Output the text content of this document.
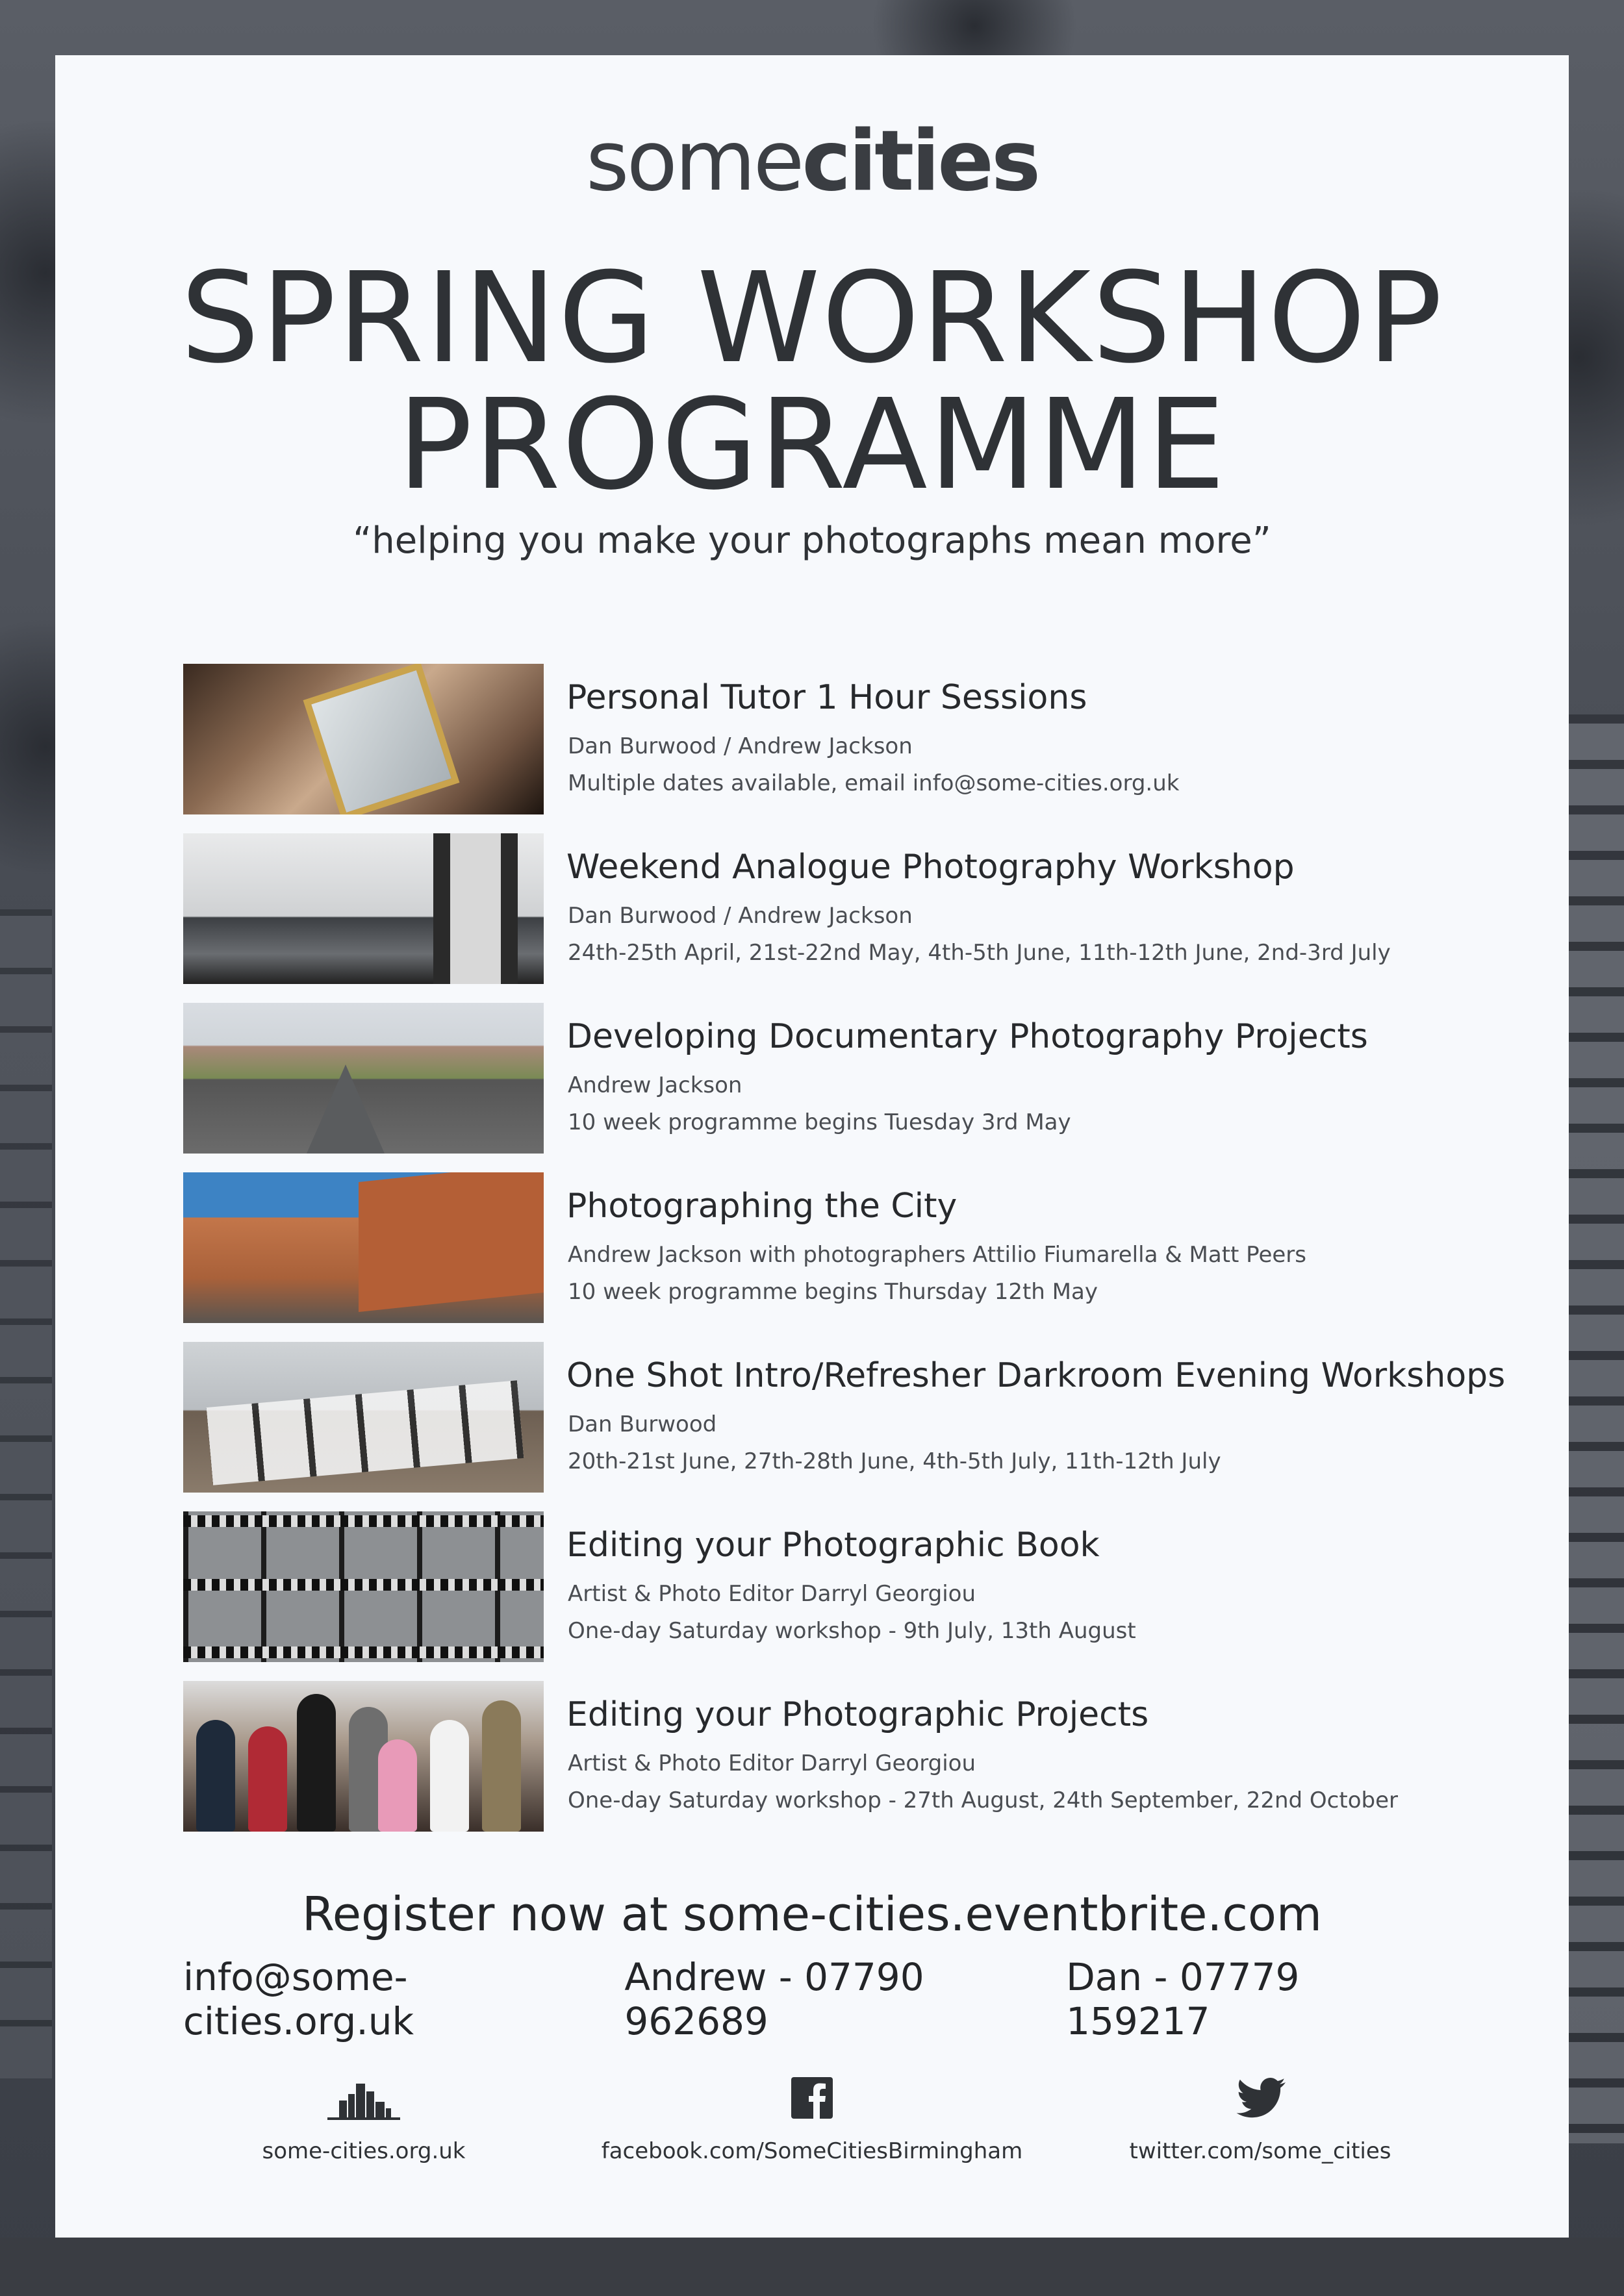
somecities
SPRING WORKSHOP
PROGRAMME
“helping you make your photographs mean more”
Personal Tutor 1 Hour Sessions
Dan Burwood / Andrew Jackson
Multiple dates available, email info@some-cities.org.uk
Weekend Analogue Photography Workshop
Dan Burwood / Andrew Jackson
24th-25th April, 21st-22nd May, 4th-5th June, 11th-12th June, 2nd-3rd July
Developing Documentary Photography Projects
Andrew Jackson
10 week programme begins Tuesday 3rd May
Photographing the City
Andrew Jackson with photographers Attilio Fiumarella & Matt Peers
10 week programme begins Thursday 12th May
One Shot Intro/Refresher Darkroom Evening Workshops
Dan Burwood
20th-21st June, 27th-28th June, 4th-5th July, 11th-12th July
Editing your Photographic Book
Artist & Photo Editor Darryl Georgiou
One-day Saturday workshop - 9th July, 13th August
Editing your Photographic Projects
Artist & Photo Editor Darryl Georgiou
One-day Saturday workshop - 27th August, 24th September, 22nd October
Register now at some-cities.eventbrite.com
info@some-cities.org.uk
Andrew - 07790 962689
Dan - 07779 159217
some-cities.org.uk	facebook.com/SomeCitiesBirmingham	twitter.com/some_cities
